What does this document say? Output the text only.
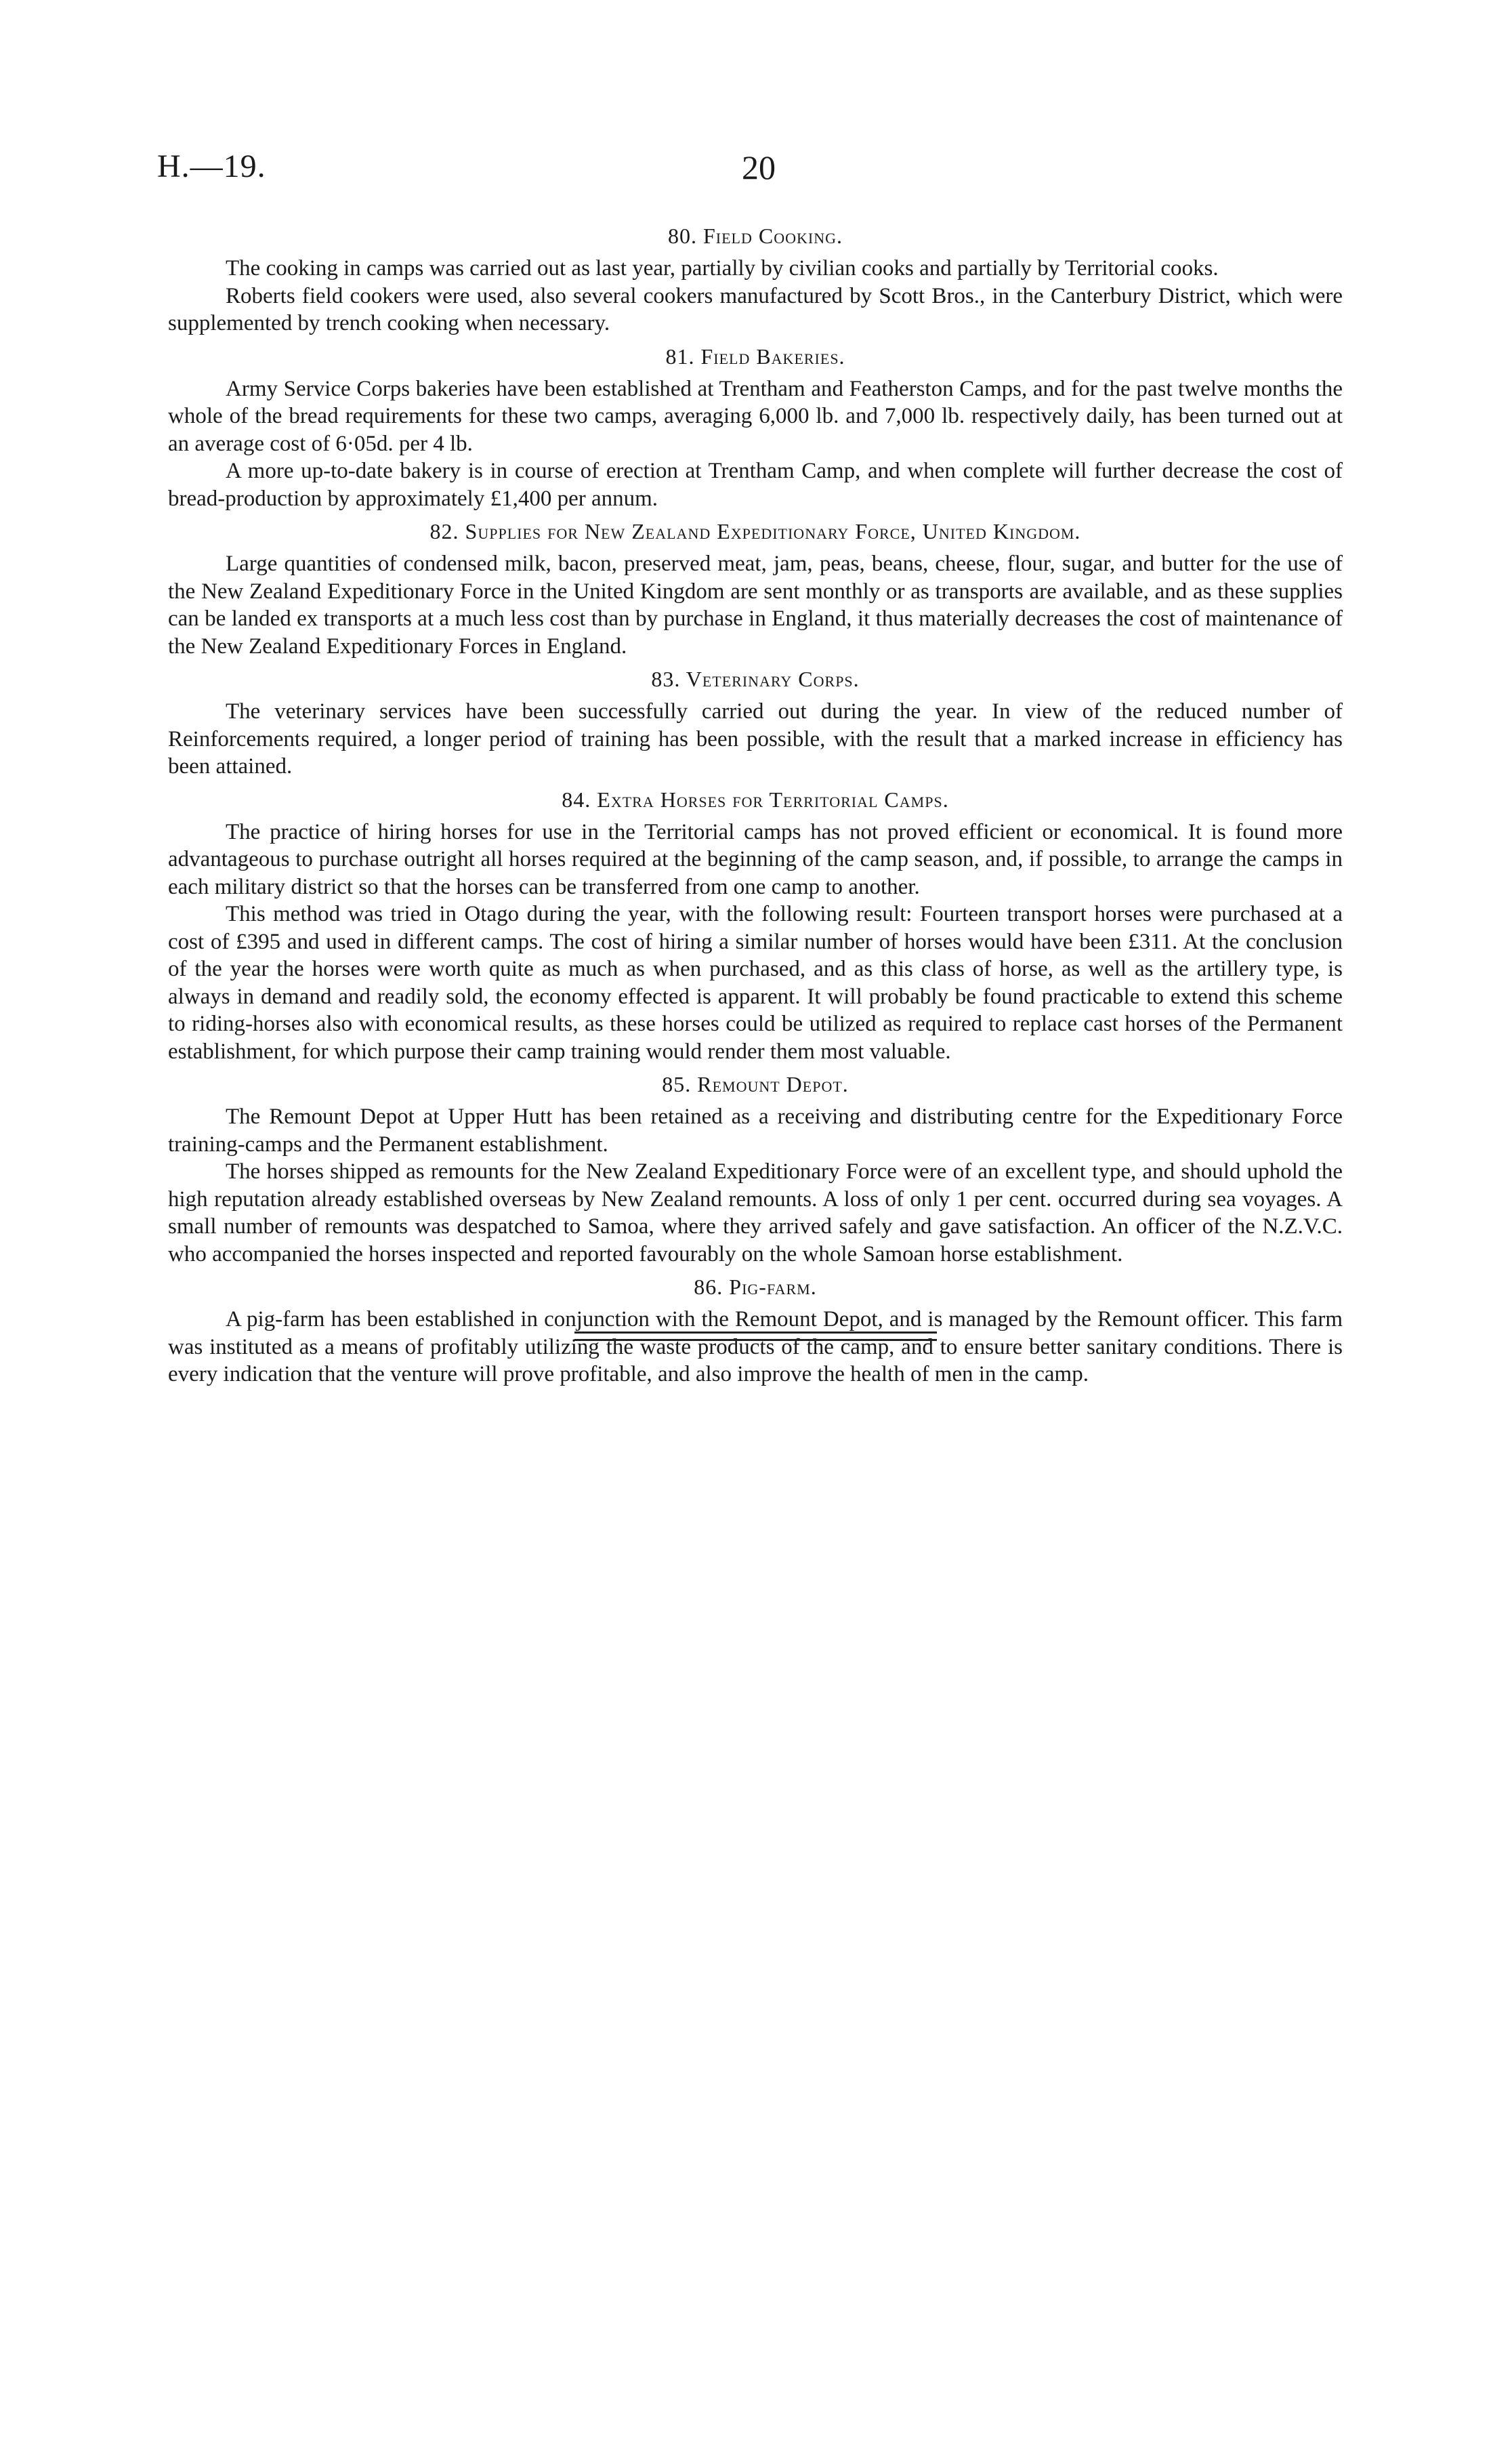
H.—19.	20
80. Field Cooking.

The cooking in camps was carried out as last year, partially by civilian cooks and partially by Territorial cooks.

Roberts field cookers were used, also several cookers manufactured by Scott Bros., in the Canterbury District, which were supplemented by trench cooking when necessary.

81. Field Bakeries.

Army Service Corps bakeries have been established at Trentham and Featherston Camps, and for the past twelve months the whole of the bread requirements for these two camps, averaging 6,000 lb. and 7,000 lb. respectively daily, has been turned out at an average cost of 6·05d. per 4 lb.

A more up-to-date bakery is in course of erection at Trentham Camp, and when complete will further decrease the cost of bread-production by approximately £1,400 per annum.

82. Supplies for New Zealand Expeditionary Force, United Kingdom.

Large quantities of condensed milk, bacon, preserved meat, jam, peas, beans, cheese, flour, sugar, and butter for the use of the New Zealand Expeditionary Force in the United Kingdom are sent monthly or as transports are available, and as these supplies can be landed ex transports at a much less cost than by purchase in England, it thus materially decreases the cost of maintenance of the New Zealand Expeditionary Forces in England.

83. Veterinary Corps.

The veterinary services have been successfully carried out during the year. In view of the reduced number of Reinforcements required, a longer period of training has been possible, with the result that a marked increase in efficiency has been attained.

84. Extra Horses for Territorial Camps.

The practice of hiring horses for use in the Territorial camps has not proved efficient or economical. It is found more advantageous to purchase outright all horses required at the beginning of the camp season, and, if possible, to arrange the camps in each military district so that the horses can be transferred from one camp to another.

This method was tried in Otago during the year, with the following result: Fourteen transport horses were purchased at a cost of £395 and used in different camps. The cost of hiring a similar number of horses would have been £311. At the conclusion of the year the horses were worth quite as much as when purchased, and as this class of horse, as well as the artillery type, is always in demand and readily sold, the economy effected is apparent. It will probably be found practicable to extend this scheme to riding-horses also with economical results, as these horses could be utilized as required to replace cast horses of the Permanent establishment, for which purpose their camp training would render them most valuable.

85. Remount Depot.

The Remount Depot at Upper Hutt has been retained as a receiving and distributing centre for the Expeditionary Force training-camps and the Permanent establishment.

The horses shipped as remounts for the New Zealand Expeditionary Force were of an excellent type, and should uphold the high reputation already established overseas by New Zealand remounts. A loss of only 1 per cent. occurred during sea voyages. A small number of remounts was despatched to Samoa, where they arrived safely and gave satisfaction. An officer of the N.Z.V.C. who accompanied the horses inspected and reported favourably on the whole Samoan horse establishment.

86. Pig-farm.

A pig-farm has been established in conjunction with the Remount Depot, and is managed by the Remount officer. This farm was instituted as a means of profitably utilizing the waste products of the camp, and to ensure better sanitary conditions. There is every indication that the venture will prove profitable, and also improve the health of men in the camp.
